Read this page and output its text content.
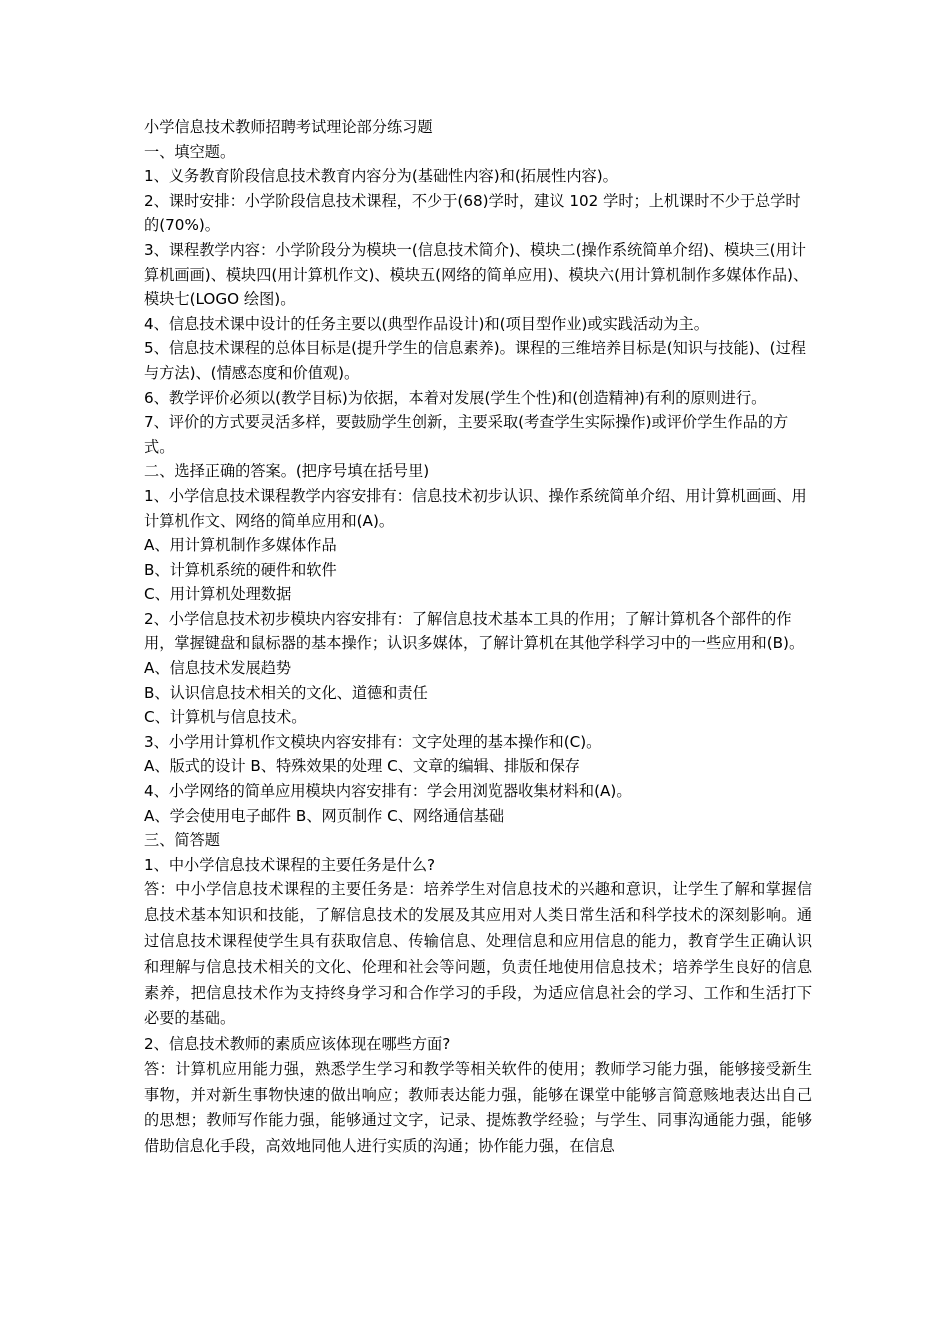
小学信息技术教师招聘考试理论部分练习题

一、填空题。

1、义务教育阶段信息技术教育内容分为(基础性内容)和(拓展性内容)。

2、课时安排：小学阶段信息技术课程，不少于(68)学时，建议 102 学时；上机课时不少于总学时的(70%)。

3、课程教学内容：小学阶段分为模块一(信息技术简介)、模块二(操作系统简单介绍)、模块三(用计算机画画)、模块四(用计算机作文)、模块五(网络的简单应用)、模块六(用计算机制作多媒体作品)、模块七(LOGO 绘图)。

4、信息技术课中设计的任务主要以(典型作品设计)和(项目型作业)或实践活动为主。

5、信息技术课程的总体目标是(提升学生的信息素养)。课程的三维培养目标是(知识与技能)、(过程与方法)、(情感态度和价值观)。

6、教学评价必须以(教学目标)为依据，本着对发展(学生个性)和(创造精神)有利的原则进行。

7、评价的方式要灵活多样，要鼓励学生创新，主要采取(考查学生实际操作)或评价学生作品的方式。

二、选择正确的答案。(把序号填在括号里)

1、小学信息技术课程教学内容安排有：信息技术初步认识、操作系统简单介绍、用计算机画画、用计算机作文、网络的简单应用和(A)。

A、用计算机制作多媒体作品

B、计算机系统的硬件和软件

C、用计算机处理数据

2、小学信息技术初步模块内容安排有：了解信息技术基本工具的作用；了解计算机各个部件的作用，掌握键盘和鼠标器的基本操作；认识多媒体，了解计算机在其他学科学习中的一些应用和(B)。

A、信息技术发展趋势

B、认识信息技术相关的文化、道德和责任

C、计算机与信息技术。

3、小学用计算机作文模块内容安排有：文字处理的基本操作和(C)。

A、版式的设计 B、特殊效果的处理 C、文章的编辑、排版和保存

4、小学网络的简单应用模块内容安排有：学会用浏览器收集材料和(A)。

A、学会使用电子邮件 B、网页制作 C、网络通信基础

三、简答题

1、中小学信息技术课程的主要任务是什么?

答：中小学信息技术课程的主要任务是：培养学生对信息技术的兴趣和意识，让学生了解和掌握信息技术基本知识和技能，了解信息技术的发展及其应用对人类日常生活和科学技术的深刻影响。通过信息技术课程使学生具有获取信息、传输信息、处理信息和应用信息的能力，教育学生正确认识和理解与信息技术相关的文化、伦理和社会等问题，负责任地使用信息技术；培养学生良好的信息素养，把信息技术作为支持终身学习和合作学习的手段，为适应信息社会的学习、工作和生活打下必要的基础。

2、信息技术教师的素质应该体现在哪些方面?

答：计算机应用能力强，熟悉学生学习和教学等相关软件的使用；教师学习能力强，能够接受新生事物，并对新生事物快速的做出响应；教师表达能力强，能够在课堂中能够言简意赅地表达出自己的思想；教师写作能力强，能够通过文字，记录、提炼教学经验；与学生、同事沟通能力强，能够借助信息化手段，高效地同他人进行实质的沟通；协作能力强，在信息
